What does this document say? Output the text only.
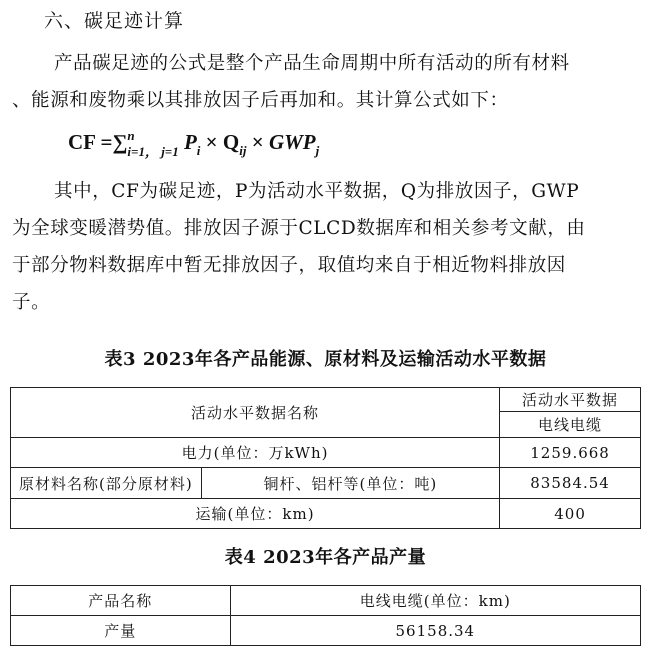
六、碳足迹计算
产品碳足迹的公式是整个产品生命周期中所有活动的所有材料
、能源和废物乘以其排放因子后再加和。其计算公式如下：
CF =∑$^n_{i=1, j=1}$ $P_i \times Q_{ij} \times GWP_j$
其中，CF为碳足迹，P为活动水平数据，Q为排放因子，GWP
为全球变暖潜势值。排放因子源于CLCD数据库和相关参考文献，由
于部分物料数据库中暂无排放因子，取值均来自于相近物料排放因
子。
表3 2023年各产品能源、原材料及运输活动水平数据
活动水平数据名称		活动水平数据
		电线电缆
电力(单位：万kWh)		1259.668
原材料名称(部分原材料)	铜杆、铝杆等(单位：吨)	83584.54
运输(单位：km)		400
表4 2023年各产品产量
产品名称	电线电缆(单位：km)
产量	56158.34
